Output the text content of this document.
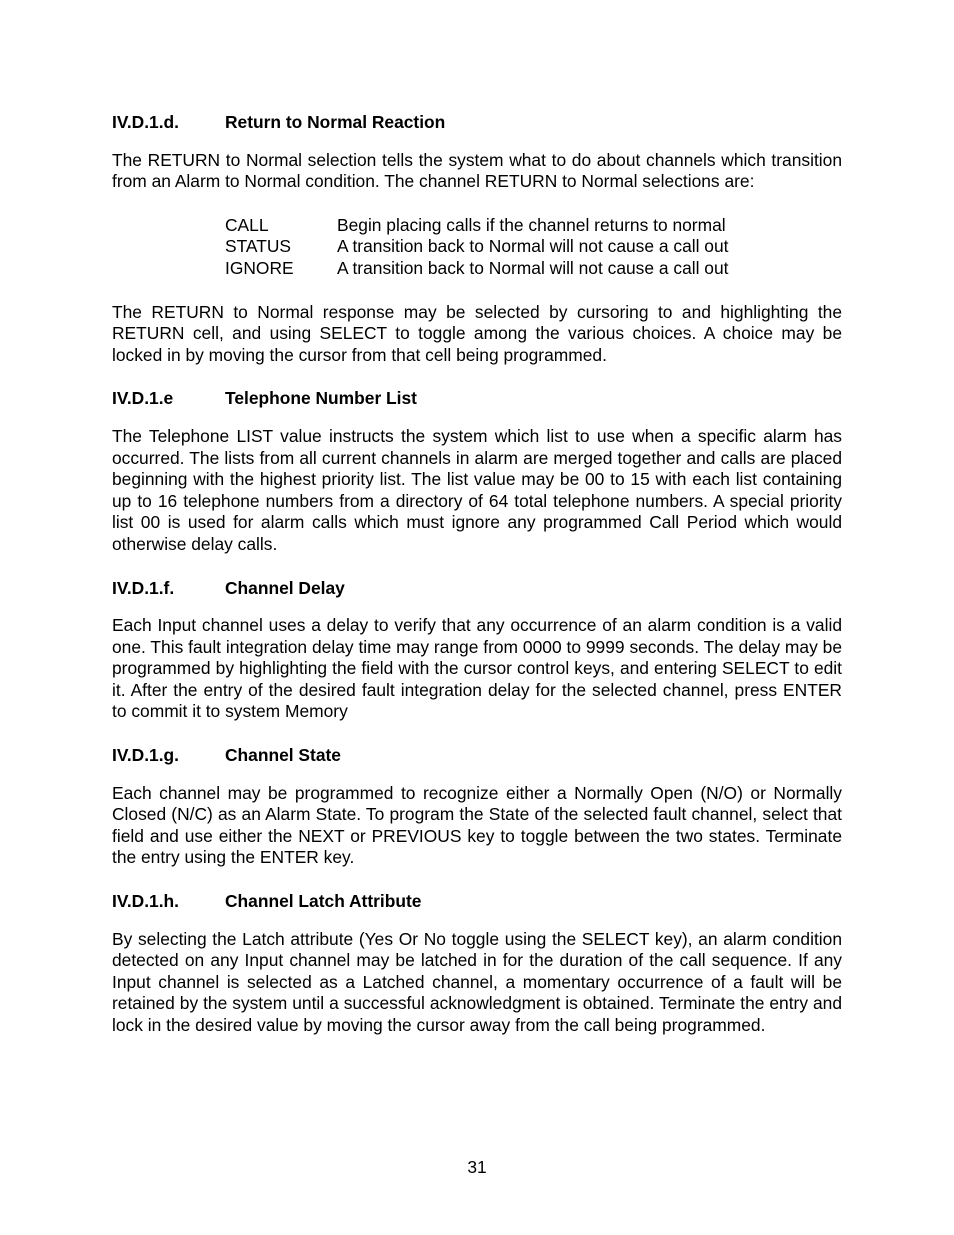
IV.D.1.d.	Return to Normal Reaction

The RETURN to Normal selection tells the system what to do about channels which transition from an Alarm to Normal condition. The channel RETURN to Normal selections are:

CALL	Begin placing calls if the channel returns to normal
STATUS	A transition back to Normal will not cause a call out
IGNORE	A transition back to Normal will not cause a call out

The RETURN to Normal response may be selected by cursoring to and highlighting the RETURN cell, and using SELECT to toggle among the various choices. A choice may be locked in by moving the cursor from that cell being programmed.

IV.D.1.e	Telephone Number List

The Telephone LIST value instructs the system which list to use when a specific alarm has occurred. The lists from all current channels in alarm are merged together and calls are placed beginning with the highest priority list. The list value may be 00 to 15 with each list containing up to 16 telephone numbers from a directory of 64 total telephone numbers. A special priority list 00 is used for alarm calls which must ignore any programmed Call Period which would otherwise delay calls.

IV.D.1.f.	Channel Delay

Each Input channel uses a delay to verify that any occurrence of an alarm condition is a valid one. This fault integration delay time may range from 0000 to 9999 seconds. The delay may be programmed by highlighting the field with the cursor control keys, and entering SELECT to edit it. After the entry of the desired fault integration delay for the selected channel, press ENTER to commit it to system Memory

IV.D.1.g.	Channel State

Each channel may be programmed to recognize either a Normally Open (N/O) or Normally Closed (N/C) as an Alarm State. To program the State of the selected fault channel, select that field and use either the NEXT or PREVIOUS key to toggle between the two states. Terminate the entry using the ENTER key.

IV.D.1.h.	Channel Latch Attribute

By selecting the Latch attribute (Yes Or No toggle using the SELECT key), an alarm condition detected on any Input channel may be latched in for the duration of the call sequence. If any Input channel is selected as a Latched channel, a momentary occurrence of a fault will be retained by the system until a successful acknowledgment is obtained. Terminate the entry and lock in the desired value by moving the cursor away from the call being programmed.

31
